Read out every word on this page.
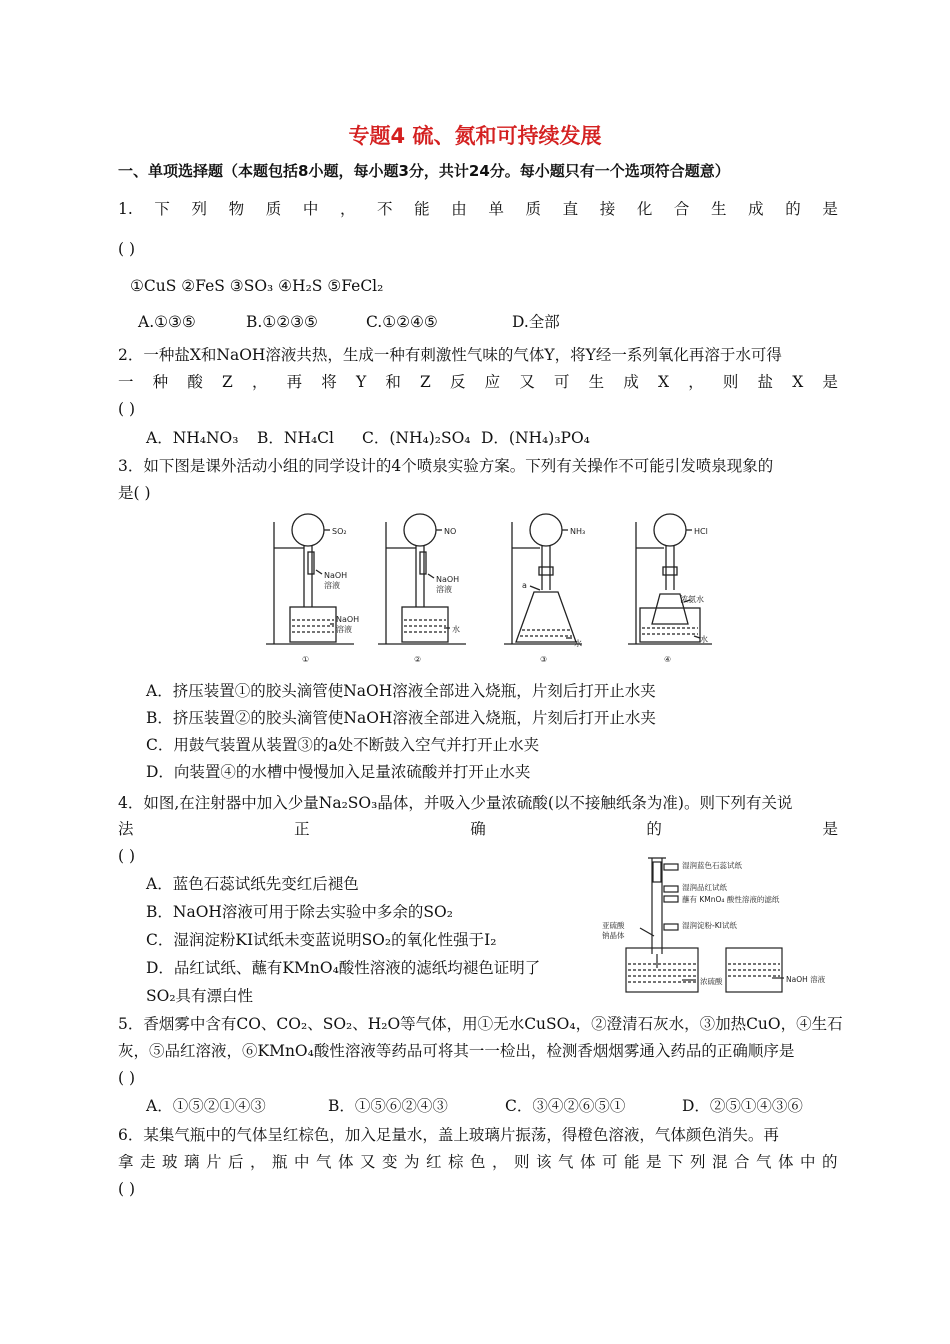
专题4 硫、氮和可持续发展
一、单项选择题（本题包括8小题，每小题3分，共计24分。每小题只有一个选项符合题意）
1. 下 列 物 质 中 ， 不 能 由 单 质 直 接 化 合 生 成 的 是
( )
①CuS ②FeS ③SO₃ ④H₂S ⑤FeCl₂
A.①③⑤	B.①②③⑤	C.①②④⑤	D.全部
2．一种盐X和NaOH溶液共热，生成一种有刺激性气味的气体Y，将Y经一系列氧化再溶于水可得
一 种 酸 Z ， 再 将 Y 和 Z 反 应 又 可 生 成 X ， 则 盐 X 是
( )
A．NH₄NO₃ B．NH₄Cl C．(NH₄)₂SO₄ D．(NH₄)₃PO₄
3．如下图是课外活动小组的同学设计的4个喷泉实验方案。下列有关操作不可能引发喷泉现象的
是( )
SO₂
NaOH
溶液
NaOH
溶液
NO
NaOH
溶液
水
NH₃
a
水
HCl
浓氨水
水
①	②	③	④
A．挤压装置①的胶头滴管使NaOH溶液全部进入烧瓶，片刻后打开止水夹
B．挤压装置②的胶头滴管使NaOH溶液全部进入烧瓶，片刻后打开止水夹
C．用鼓气装置从装置③的a处不断鼓入空气并打开止水夹
D．向装置④的水槽中慢慢加入足量浓硫酸并打开止水夹
4．如图,在注射器中加入少量Na₂SO₃晶体，并吸入少量浓硫酸(以不接触纸条为准)。则下列有关说
法	正	确	的	是
( )
A．蓝色石蕊试纸先变红后褪色
B．NaOH溶液可用于除去实验中多余的SO₂
C．湿润淀粉KI试纸未变蓝说明SO₂的氧化性强于I₂
D．品红试纸、蘸有KMnO₄酸性溶液的滤纸均褪色证明了
SO₂具有漂白性
湿润蓝色石蕊试纸
湿润品红试纸
蘸有 KMnO₄ 酸性溶液的滤纸
湿润淀粉-KI试纸
亚硫酸
钠晶体
浓硫酸	NaOH 溶液
5．香烟雾中含有CO、CO₂、SO₂、H₂O等气体，用①无水CuSO₄，②澄清石灰水，③加热CuO，④生石
灰，⑤品红溶液，⑥KMnO₄酸性溶液等药品可将其一一检出，检测香烟烟雾通入药品的正确顺序是
( )
A．①⑤②①④③	B．①⑤⑥②④③	C．③④②⑥⑤①	D．②⑤①④③⑥
6．某集气瓶中的气体呈红棕色，加入足量水，盖上玻璃片振荡，得橙色溶液，气体颜色消失。再
拿 走 玻 璃 片 后 ， 瓶 中 气 体 又 变 为 红 棕 色 ， 则 该 气 体 可 能 是 下 列 混 合 气 体 中 的
( )
